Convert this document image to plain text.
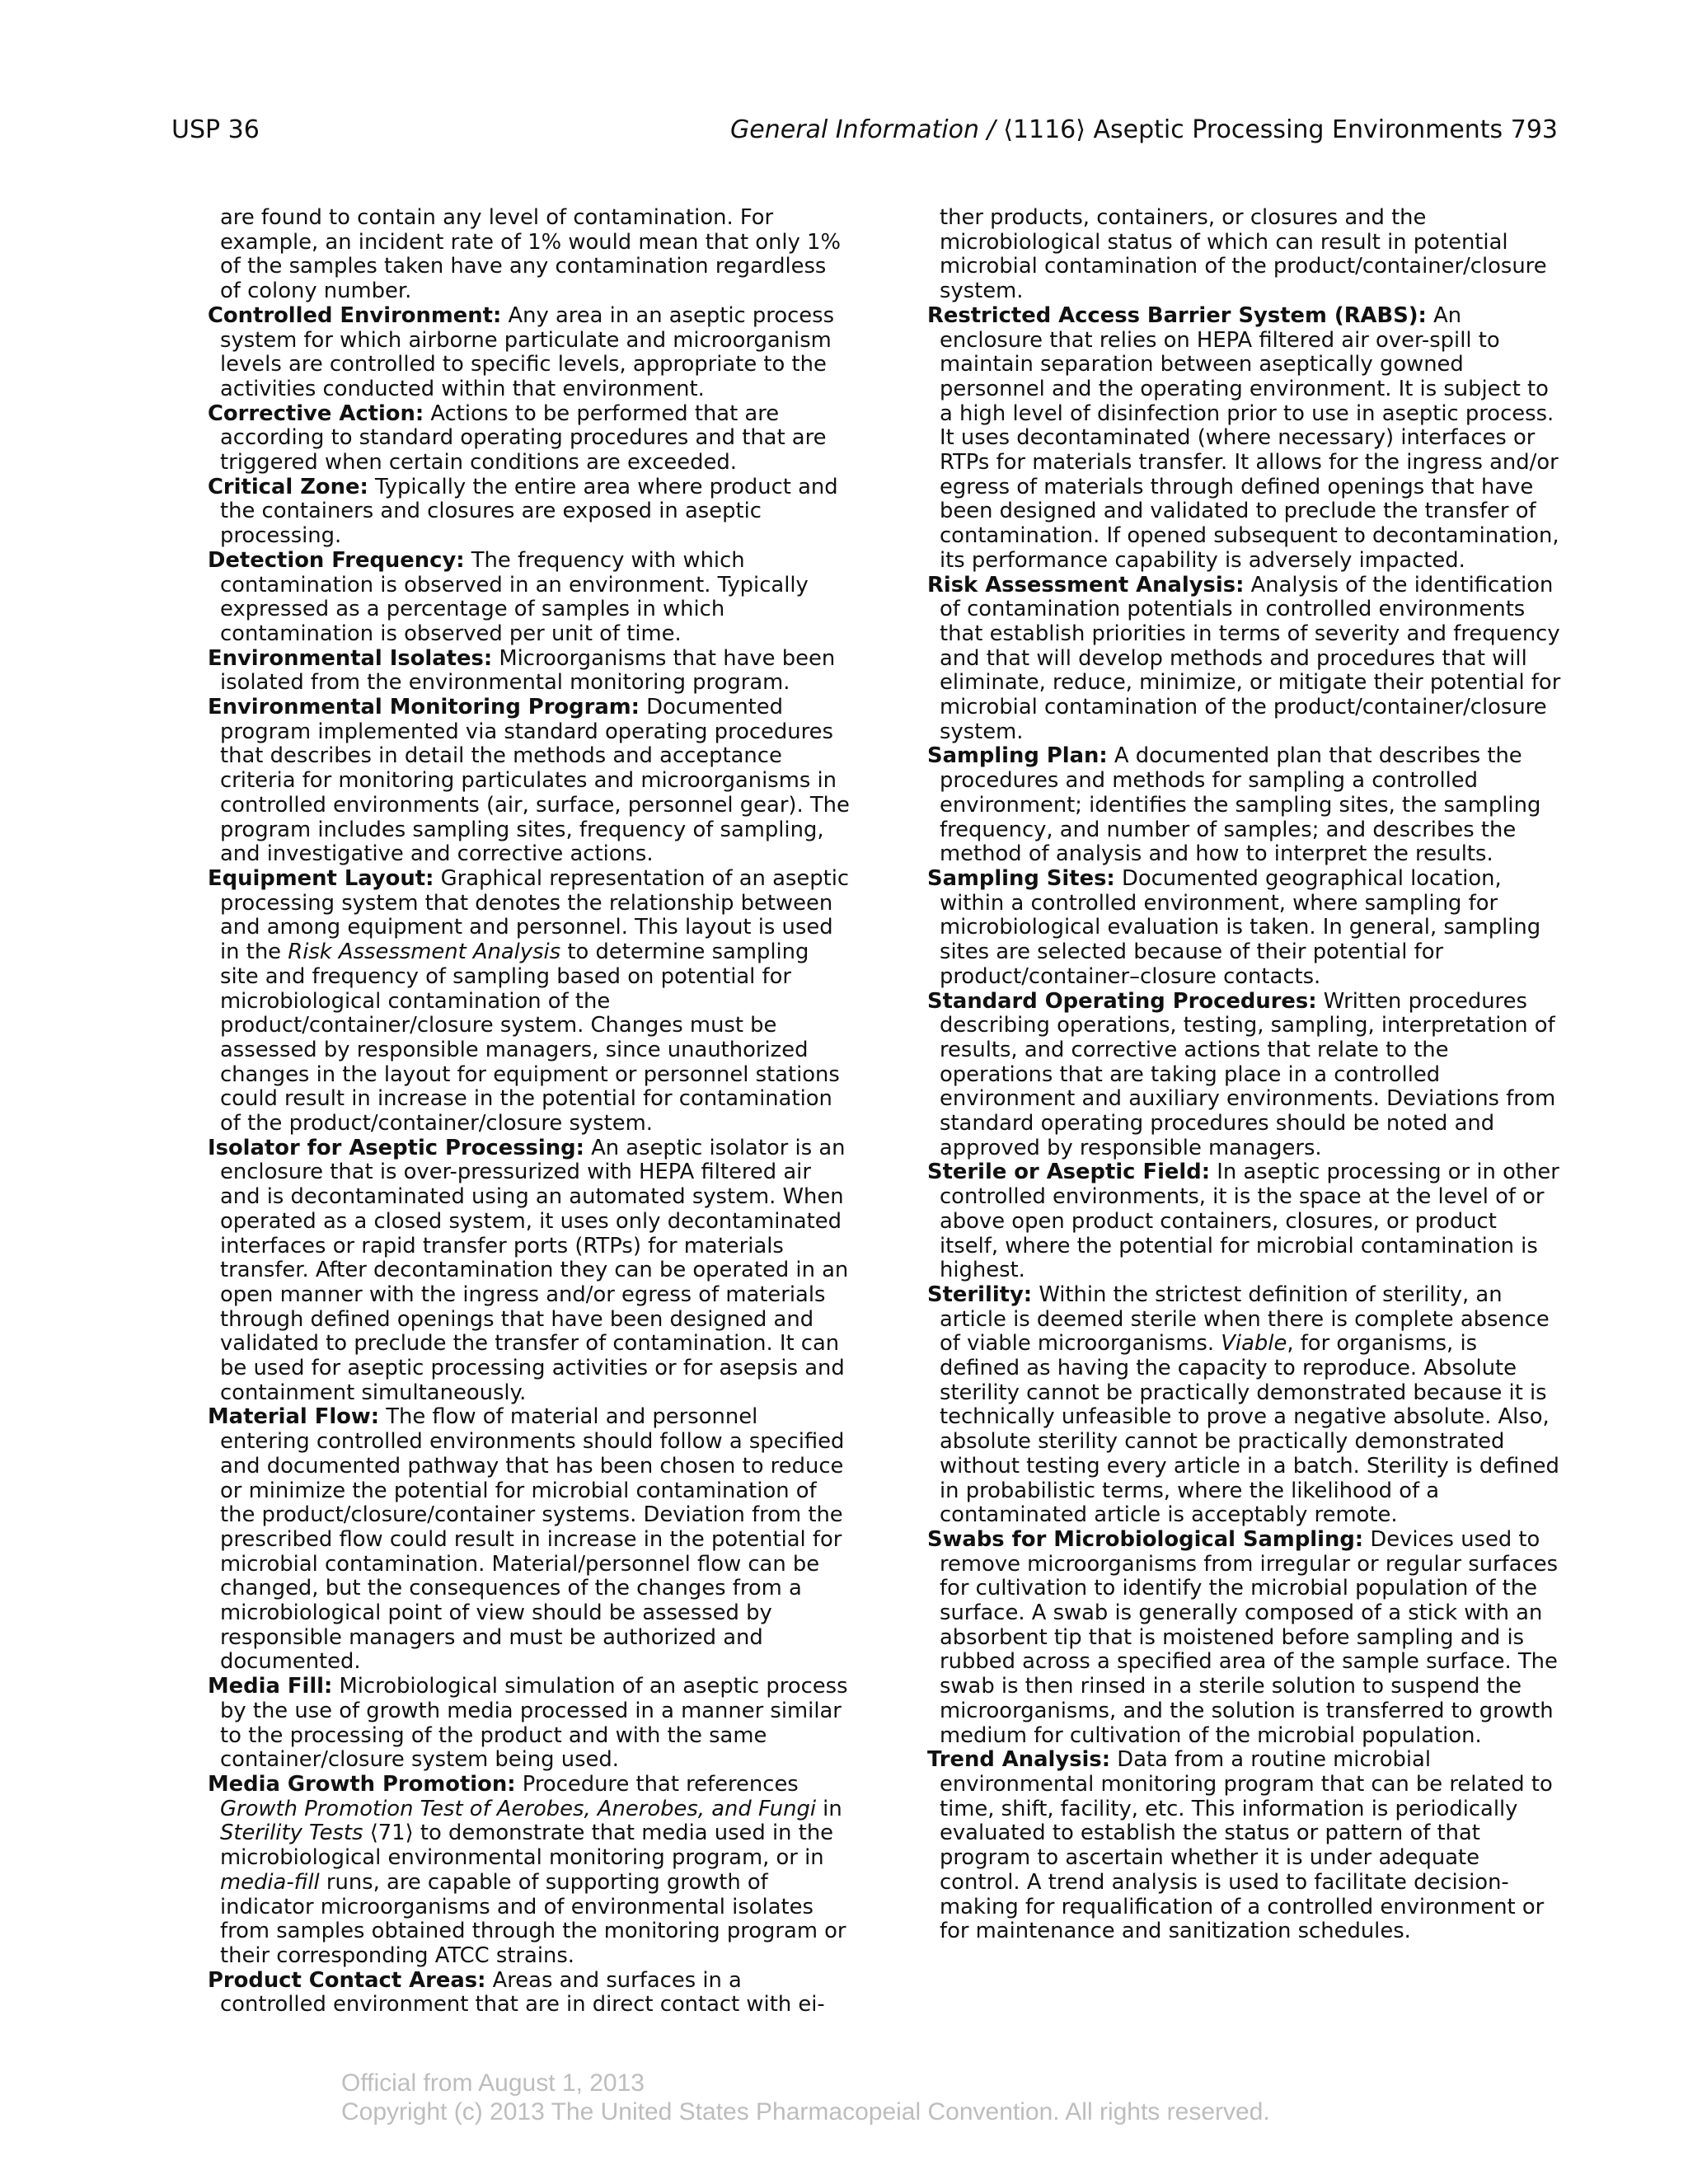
USP 36	General Information / ⟨1116⟩ Aseptic Processing Environments 793

are found to contain any level of contamination. For example, an incident rate of 1% would mean that only 1% of the samples taken have any contamination regardless of colony number.

Controlled Environment: Any area in an aseptic process system for which airborne particulate and microorganism levels are controlled to specific levels, appropriate to the activities conducted within that environment.

Corrective Action: Actions to be performed that are according to standard operating procedures and that are triggered when certain conditions are exceeded.

Critical Zone: Typically the entire area where product and the containers and closures are exposed in aseptic processing.

Detection Frequency: The frequency with which contamination is observed in an environment. Typically expressed as a percentage of samples in which contamination is observed per unit of time.

Environmental Isolates: Microorganisms that have been isolated from the environmental monitoring program.

Environmental Monitoring Program: Documented program implemented via standard operating procedures that describes in detail the methods and acceptance criteria for monitoring particulates and microorganisms in controlled environments (air, surface, personnel gear). The program includes sampling sites, frequency of sampling, and investigative and corrective actions.

Equipment Layout: Graphical representation of an aseptic processing system that denotes the relationship between and among equipment and personnel. This layout is used in the Risk Assessment Analysis to determine sampling site and frequency of sampling based on potential for microbiological contamination of the product/container/closure system. Changes must be assessed by responsible managers, since unauthorized changes in the layout for equipment or personnel stations could result in increase in the potential for contamination of the product/container/closure system.

Isolator for Aseptic Processing: An aseptic isolator is an enclosure that is over-pressurized with HEPA filtered air and is decontaminated using an automated system. When operated as a closed system, it uses only decontaminated interfaces or rapid transfer ports (RTPs) for materials transfer. After decontamination they can be operated in an open manner with the ingress and/or egress of materials through defined openings that have been designed and validated to preclude the transfer of contamination. It can be used for aseptic processing activities or for asepsis and containment simultaneously.

Material Flow: The flow of material and personnel entering controlled environments should follow a specified and documented pathway that has been chosen to reduce or minimize the potential for microbial contamination of the product/closure/container systems. Deviation from the prescribed flow could result in increase in the potential for microbial contamination. Material/personnel flow can be changed, but the consequences of the changes from a microbiological point of view should be assessed by responsible managers and must be authorized and documented.

Media Fill: Microbiological simulation of an aseptic process by the use of growth media processed in a manner similar to the processing of the product and with the same container/closure system being used.

Media Growth Promotion: Procedure that references Growth Promotion Test of Aerobes, Anerobes, and Fungi in Sterility Tests ⟨71⟩ to demonstrate that media used in the microbiological environmental monitoring program, or in media-fill runs, are capable of supporting growth of indicator microorganisms and of environmental isolates from samples obtained through the monitoring program or their corresponding ATCC strains.

Product Contact Areas: Areas and surfaces in a controlled environment that are in direct contact with ei-

ther products, containers, or closures and the microbiological status of which can result in potential microbial contamination of the product/container/closure system.

Restricted Access Barrier System (RABS): An enclosure that relies on HEPA filtered air over-spill to maintain separation between aseptically gowned personnel and the operating environment. It is subject to a high level of disinfection prior to use in aseptic process. It uses decontaminated (where necessary) interfaces or RTPs for materials transfer. It allows for the ingress and/or egress of materials through defined openings that have been designed and validated to preclude the transfer of contamination. If opened subsequent to decontamination, its performance capability is adversely impacted.

Risk Assessment Analysis: Analysis of the identification of contamination potentials in controlled environments that establish priorities in terms of severity and frequency and that will develop methods and procedures that will eliminate, reduce, minimize, or mitigate their potential for microbial contamination of the product/container/closure system.

Sampling Plan: A documented plan that describes the procedures and methods for sampling a controlled environment; identifies the sampling sites, the sampling frequency, and number of samples; and describes the method of analysis and how to interpret the results.

Sampling Sites: Documented geographical location, within a controlled environment, where sampling for microbiological evaluation is taken. In general, sampling sites are selected because of their potential for product/container–closure contacts.

Standard Operating Procedures: Written procedures describing operations, testing, sampling, interpretation of results, and corrective actions that relate to the operations that are taking place in a controlled environment and auxiliary environments. Deviations from standard operating procedures should be noted and approved by responsible managers.

Sterile or Aseptic Field: In aseptic processing or in other controlled environments, it is the space at the level of or above open product containers, closures, or product itself, where the potential for microbial contamination is highest.

Sterility: Within the strictest definition of sterility, an article is deemed sterile when there is complete absence of viable microorganisms. Viable, for organisms, is defined as having the capacity to reproduce. Absolute sterility cannot be practically demonstrated because it is technically unfeasible to prove a negative absolute. Also, absolute sterility cannot be practically demonstrated without testing every article in a batch. Sterility is defined in probabilistic terms, where the likelihood of a contaminated article is acceptably remote.

Swabs for Microbiological Sampling: Devices used to remove microorganisms from irregular or regular surfaces for cultivation to identify the microbial population of the surface. A swab is generally composed of a stick with an absorbent tip that is moistened before sampling and is rubbed across a specified area of the sample surface. The swab is then rinsed in a sterile solution to suspend the microorganisms, and the solution is transferred to growth medium for cultivation of the microbial population.

Trend Analysis: Data from a routine microbial environmental monitoring program that can be related to time, shift, facility, etc. This information is periodically evaluated to establish the status or pattern of that program to ascertain whether it is under adequate control. A trend analysis is used to facilitate decision-making for requalification of a controlled environment or for maintenance and sanitization schedules.

Official from August 1, 2013
Copyright (c) 2013 The United States Pharmacopeial Convention. All rights reserved.
